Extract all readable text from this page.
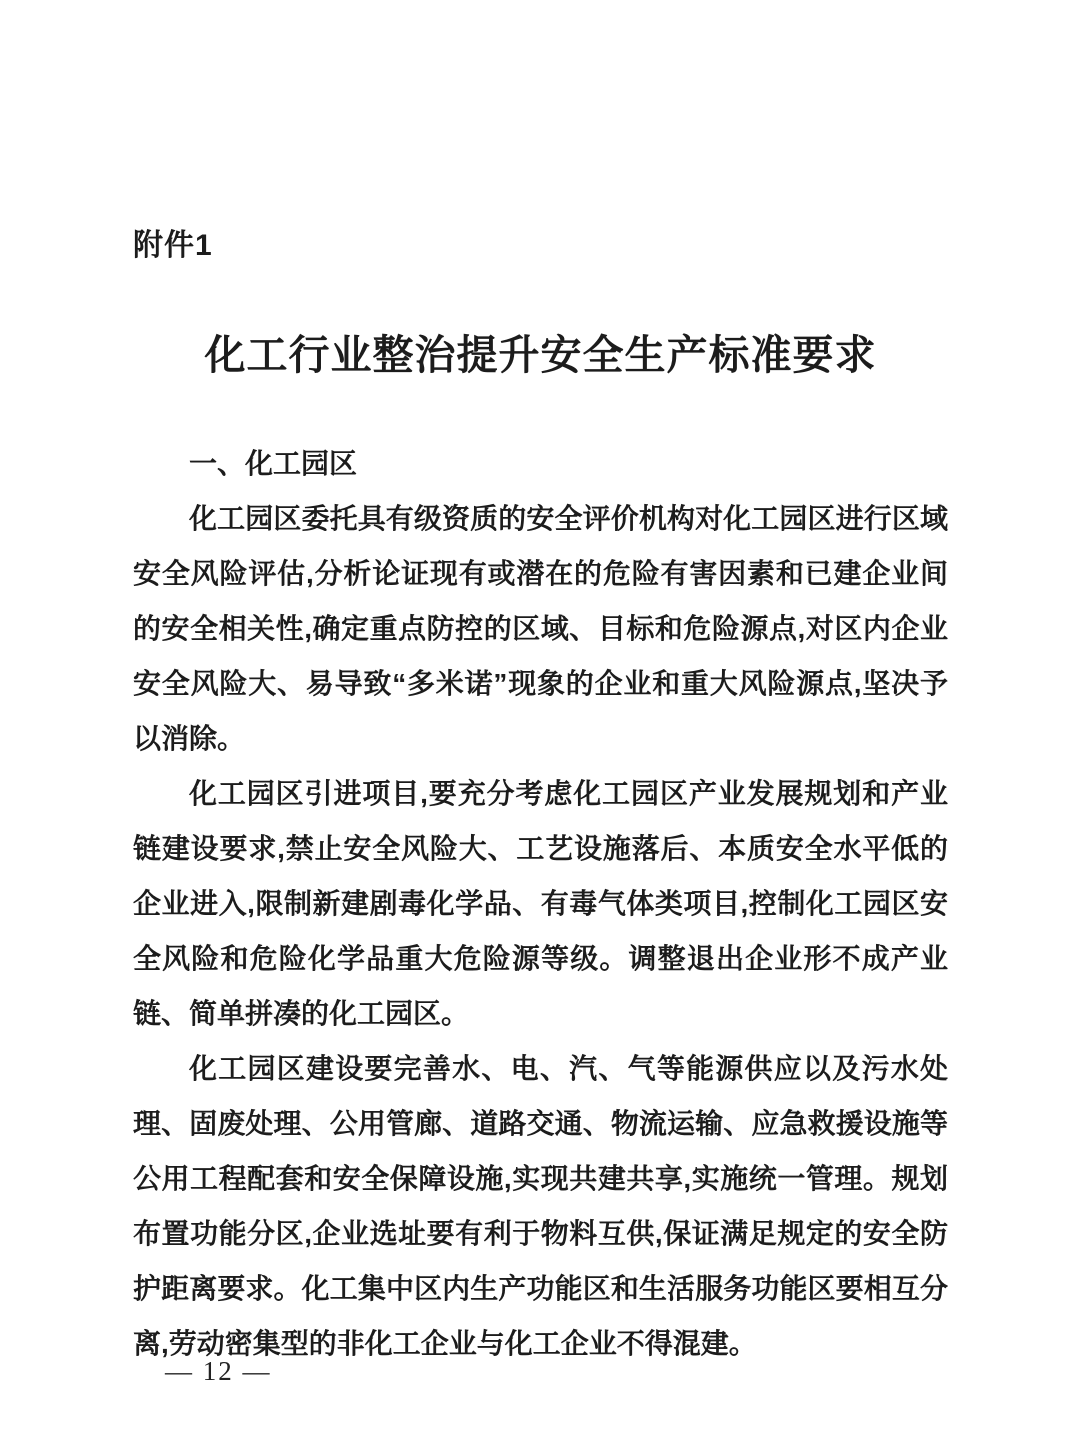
附件1
化工行业整治提升安全生产标准要求
一、化工园区

化工园区委托具有级资质的安全评价机构对化工园区进行区域安全风险评估,分析论证现有或潜在的危险有害因素和已建企业间的安全相关性,确定重点防控的区域、目标和危险源点,对区内企业安全风险大、易导致“多米诺”现象的企业和重大风险源点,坚决予以消除。

化工园区引进项目,要充分考虑化工园区产业发展规划和产业链建设要求,禁止安全风险大、工艺设施落后、本质安全水平低的企业进入,限制新建剧毒化学品、有毒气体类项目,控制化工园区安全风险和危险化学品重大危险源等级。调整退出企业形不成产业链、简单拼凑的化工园区。

化工园区建设要完善水、电、汽、气等能源供应以及污水处理、固废处理、公用管廊、道路交通、物流运输、应急救援设施等公用工程配套和安全保障设施,实现共建共享,实施统一管理。规划布置功能分区,企业选址要有利于物料互供,保证满足规定的安全防护距离要求。化工集中区内生产功能区和生活服务功能区要相互分离,劳动密集型的非化工企业与化工企业不得混建。

— 12 —
